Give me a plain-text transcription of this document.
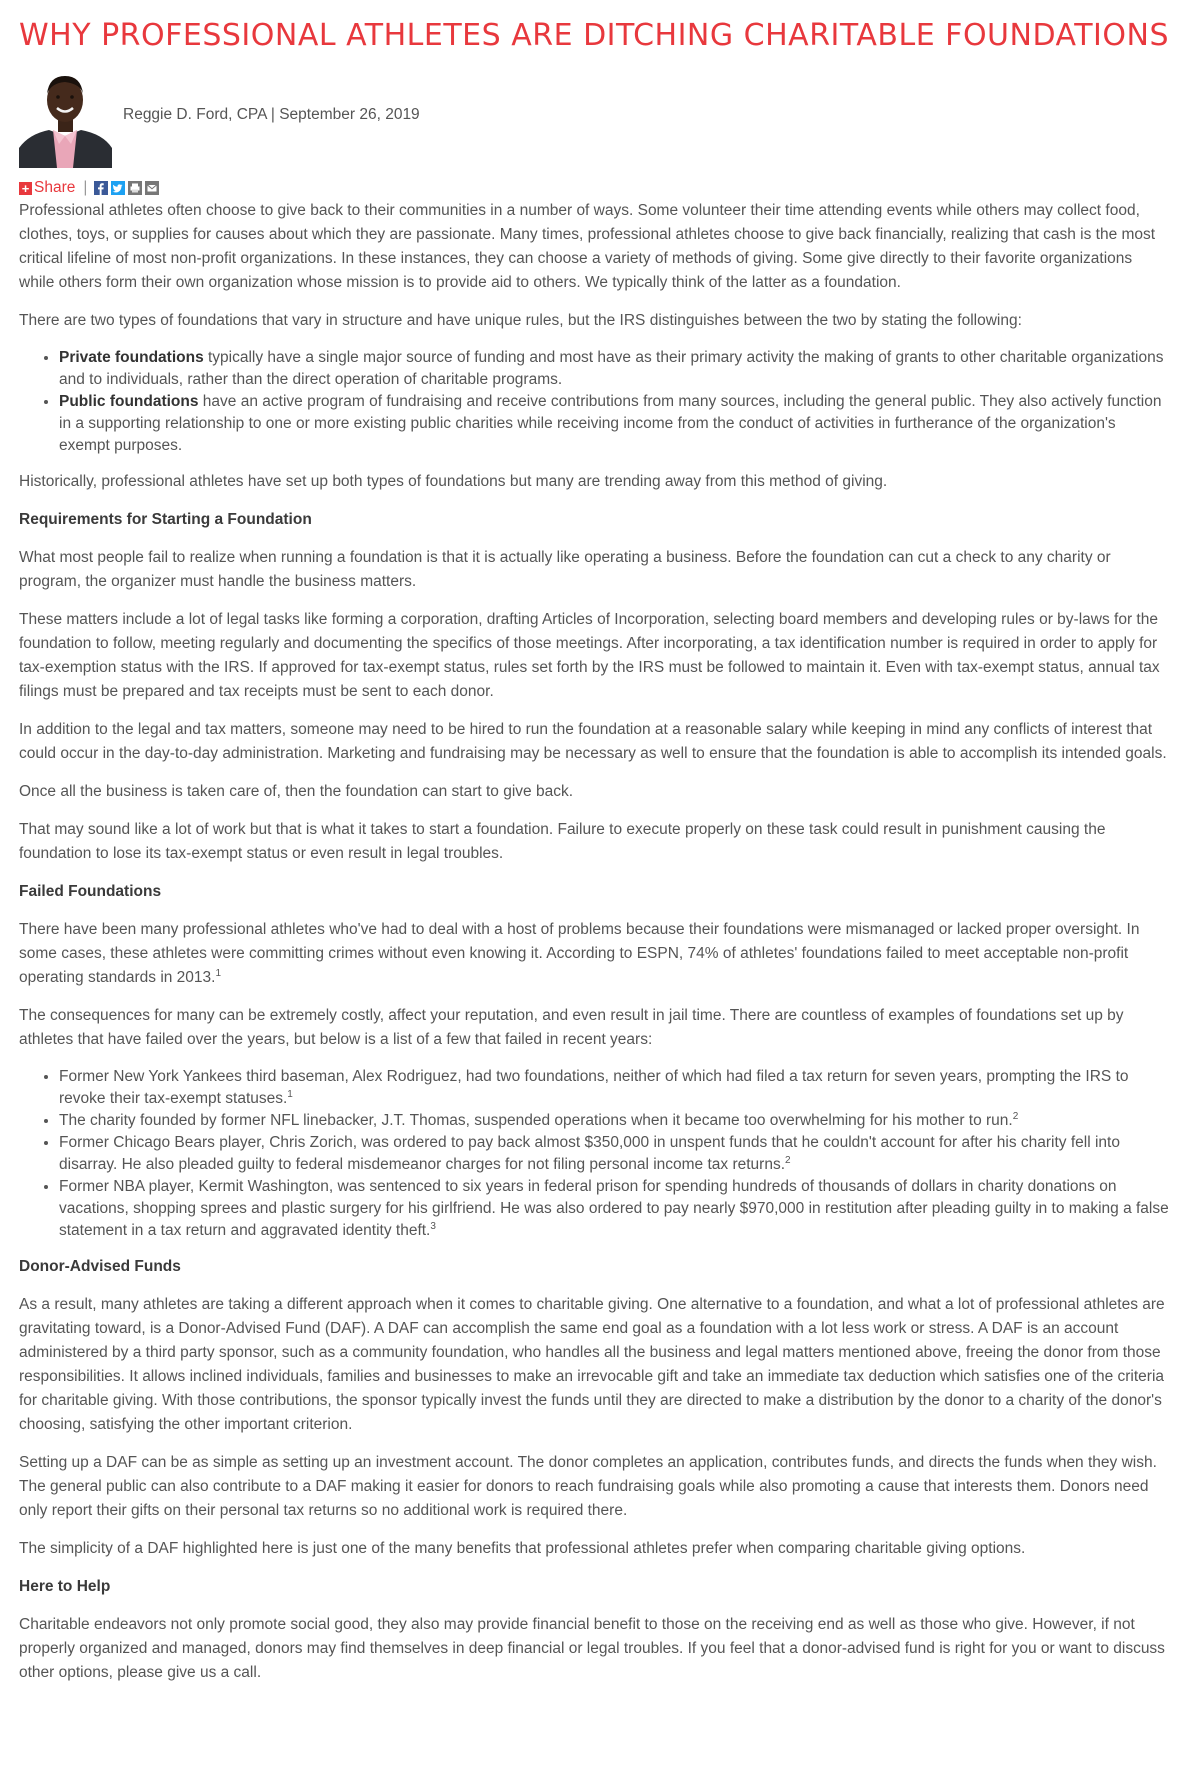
WHY PROFESSIONAL ATHLETES ARE DITCHING CHARITABLE FOUNDATIONS
Reggie D. Ford, CPA | September 26, 2019
+ Share |

Professional athletes often choose to give back to their communities in a number of ways. Some volunteer their time attending events while others may collect food, clothes, toys, or supplies for causes about which they are passionate. Many times, professional athletes choose to give back financially, realizing that cash is the most critical lifeline of most non-profit organizations. In these instances, they can choose a variety of methods of giving. Some give directly to their favorite organizations while others form their own organization whose mission is to provide aid to others. We typically think of the latter as a foundation.

There are two types of foundations that vary in structure and have unique rules, but the IRS distinguishes between the two by stating the following:

• Private foundations typically have a single major source of funding and most have as their primary activity the making of grants to other charitable organizations and to individuals, rather than the direct operation of charitable programs.
• Public foundations have an active program of fundraising and receive contributions from many sources, including the general public. They also actively function in a supporting relationship to one or more existing public charities while receiving income from the conduct of activities in furtherance of the organization's exempt purposes.

Historically, professional athletes have set up both types of foundations but many are trending away from this method of giving.

Requirements for Starting a Foundation

What most people fail to realize when running a foundation is that it is actually like operating a business. Before the foundation can cut a check to any charity or program, the organizer must handle the business matters.

These matters include a lot of legal tasks like forming a corporation, drafting Articles of Incorporation, selecting board members and developing rules or by-laws for the foundation to follow, meeting regularly and documenting the specifics of those meetings. After incorporating, a tax identification number is required in order to apply for tax-exemption status with the IRS. If approved for tax-exempt status, rules set forth by the IRS must be followed to maintain it. Even with tax-exempt status, annual tax filings must be prepared and tax receipts must be sent to each donor.

In addition to the legal and tax matters, someone may need to be hired to run the foundation at a reasonable salary while keeping in mind any conflicts of interest that could occur in the day-to-day administration. Marketing and fundraising may be necessary as well to ensure that the foundation is able to accomplish its intended goals.

Once all the business is taken care of, then the foundation can start to give back.

That may sound like a lot of work but that is what it takes to start a foundation. Failure to execute properly on these task could result in punishment causing the foundation to lose its tax-exempt status or even result in legal troubles.

Failed Foundations

There have been many professional athletes who've had to deal with a host of problems because their foundations were mismanaged or lacked proper oversight. In some cases, these athletes were committing crimes without even knowing it. According to ESPN, 74% of athletes' foundations failed to meet acceptable non-profit operating standards in 2013.$^1$

The consequences for many can be extremely costly, affect your reputation, and even result in jail time. There are countless of examples of foundations set up by athletes that have failed over the years, but below is a list of a few that failed in recent years:

• Former New York Yankees third baseman, Alex Rodriguez, had two foundations, neither of which had filed a tax return for seven years, prompting the IRS to revoke their tax-exempt statuses.$^1$
• The charity founded by former NFL linebacker, J.T. Thomas, suspended operations when it became too overwhelming for his mother to run.$^2$
• Former Chicago Bears player, Chris Zorich, was ordered to pay back almost $350,000 in unspent funds that he couldn't account for after his charity fell into disarray. He also pleaded guilty to federal misdemeanor charges for not filing personal income tax returns.$^2$
• Former NBA player, Kermit Washington, was sentenced to six years in federal prison for spending hundreds of thousands of dollars in charity donations on vacations, shopping sprees and plastic surgery for his girlfriend. He was also ordered to pay nearly $970,000 in restitution after pleading guilty in to making a false statement in a tax return and aggravated identity theft.$^3$
Donor-Advised Funds

As a result, many athletes are taking a different approach when it comes to charitable giving. One alternative to a foundation, and what a lot of professional athletes are gravitating toward, is a Donor-Advised Fund (DAF). A DAF can accomplish the same end goal as a foundation with a lot less work or stress. A DAF is an account administered by a third party sponsor, such as a community foundation, who handles all the business and legal matters mentioned above, freeing the donor from those responsibilities. It allows inclined individuals, families and businesses to make an irrevocable gift and take an immediate tax deduction which satisfies one of the criteria for charitable giving. With those contributions, the sponsor typically invest the funds until they are directed to make a distribution by the donor to a charity of the donor's choosing, satisfying the other important criterion.

Setting up a DAF can be as simple as setting up an investment account. The donor completes an application, contributes funds, and directs the funds when they wish. The general public can also contribute to a DAF making it easier for donors to reach fundraising goals while also promoting a cause that interests them. Donors need only report their gifts on their personal tax returns so no additional work is required there.

The simplicity of a DAF highlighted here is just one of the many benefits that professional athletes prefer when comparing charitable giving options.

Here to Help

Charitable endeavors not only promote social good, they also may provide financial benefit to those on the receiving end as well as those who give. However, if not properly organized and managed, donors may find themselves in deep financial or legal troubles. If you feel that a donor-advised fund is right for you or want to discuss other options, please give us a call.
